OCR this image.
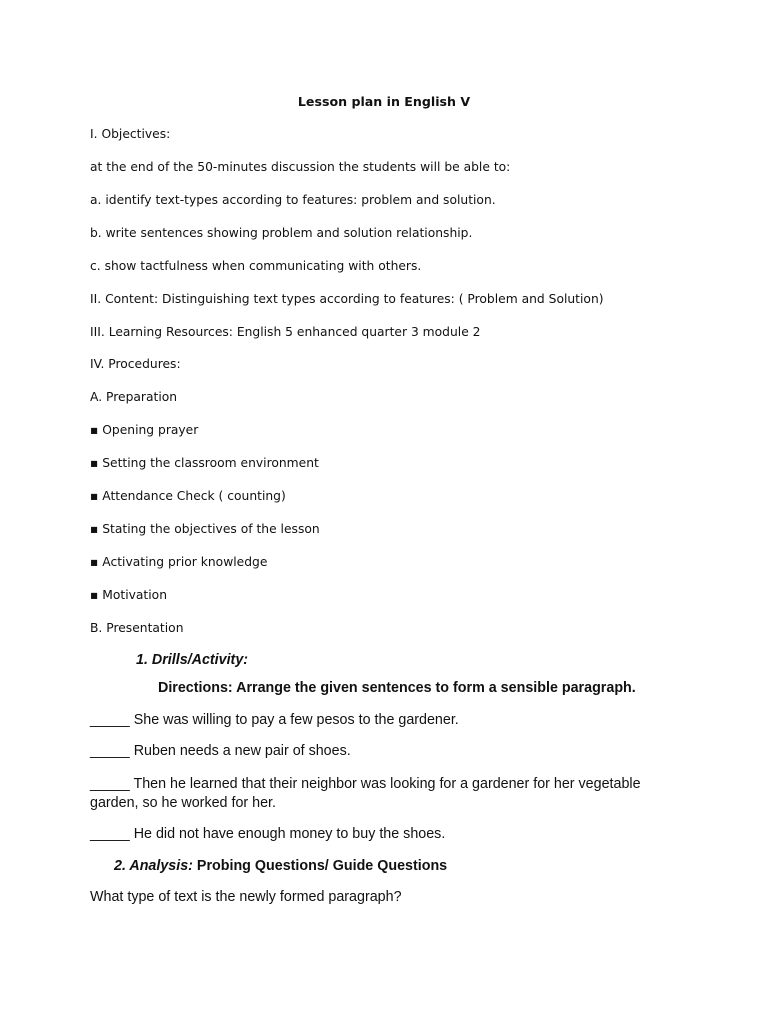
Lesson plan in English V

I. Objectives:

at the end of the 50-minutes discussion the students will be able to:

a. identify text-types according to features: problem and solution.

b. write sentences showing problem and solution relationship.

c. show tactfulness when communicating with others.

II. Content: Distinguishing text types according to features: ( Problem and Solution)

III. Learning Resources: English 5 enhanced quarter 3 module 2

IV. Procedures:

A. Preparation

▪ Opening prayer

▪ Setting the classroom environment

▪ Attendance Check ( counting)

▪ Stating the objectives of the lesson

▪ Activating prior knowledge

▪ Motivation

B. Presentation

1. Drills/Activity:

Directions: Arrange the given sentences to form a sensible paragraph.

_____ She was willing to pay a few pesos to the gardener.

_____ Ruben needs a new pair of shoes.

_____ Then he learned that their neighbor was looking for a gardener for her vegetable garden, so he worked for her.

_____ He did not have enough money to buy the shoes.

2. Analysis: Probing Questions/ Guide Questions

What type of text is the newly formed paragraph?
